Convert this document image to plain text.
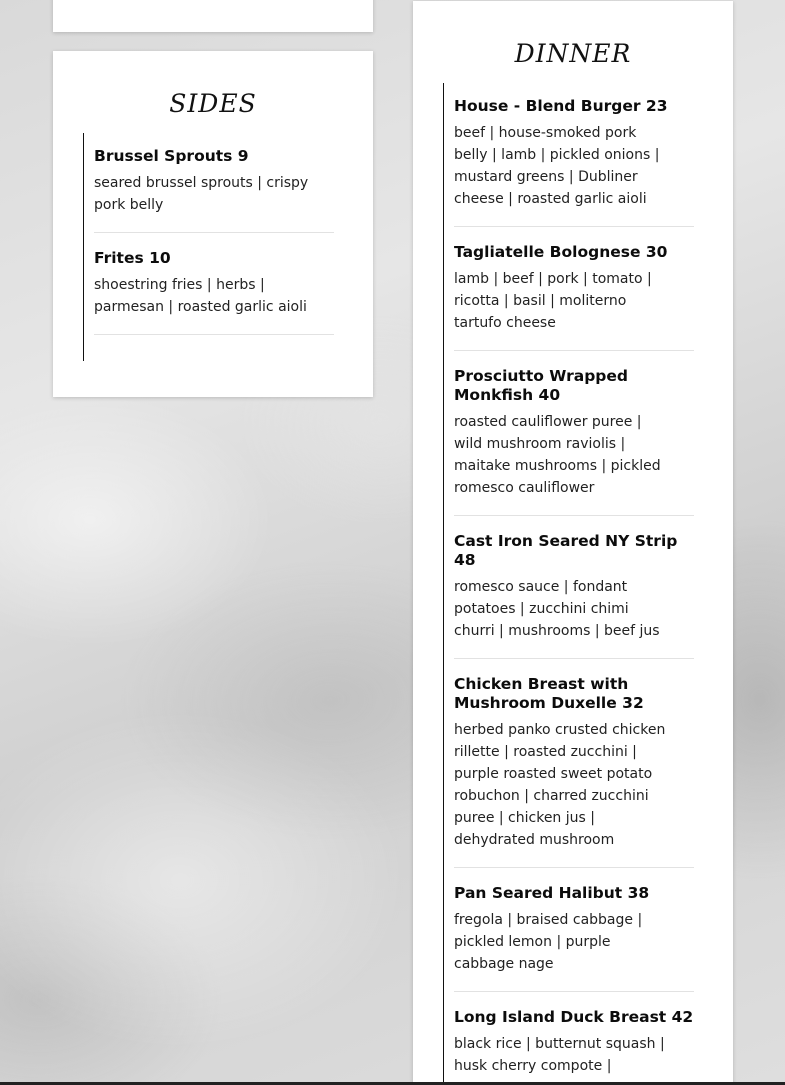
SIDES
Brussel Sprouts 9

seared brussel sprouts | crispy pork belly

Frites 10

shoestring fries | herbs | parmesan | roasted garlic aioli

DINNER
House - Blend Burger 23

beef | house-smoked pork belly | lamb | pickled onions | mustard greens | Dubliner cheese | roasted garlic aioli

Tagliatelle Bolognese 30

lamb | beef | pork | tomato | ricotta | basil | moliterno tartufo cheese

Prosciutto Wrapped Monkfish 40

roasted cauliflower puree | wild mushroom raviolis | maitake mushrooms | pickled romesco cauliflower

Cast Iron Seared NY Strip 48

romesco sauce | fondant potatoes | zucchini chimi churri | mushrooms | beef jus

Chicken Breast with Mushroom Duxelle 32

herbed panko crusted chicken rillette | roasted zucchini | purple roasted sweet potato robuchon | charred zucchini puree | chicken jus | dehydrated mushroom

Pan Seared Halibut 38

fregola | braised cabbage | pickled lemon | purple cabbage nage

Long Island Duck Breast 42

black rice | butternut squash | husk cherry compote |
